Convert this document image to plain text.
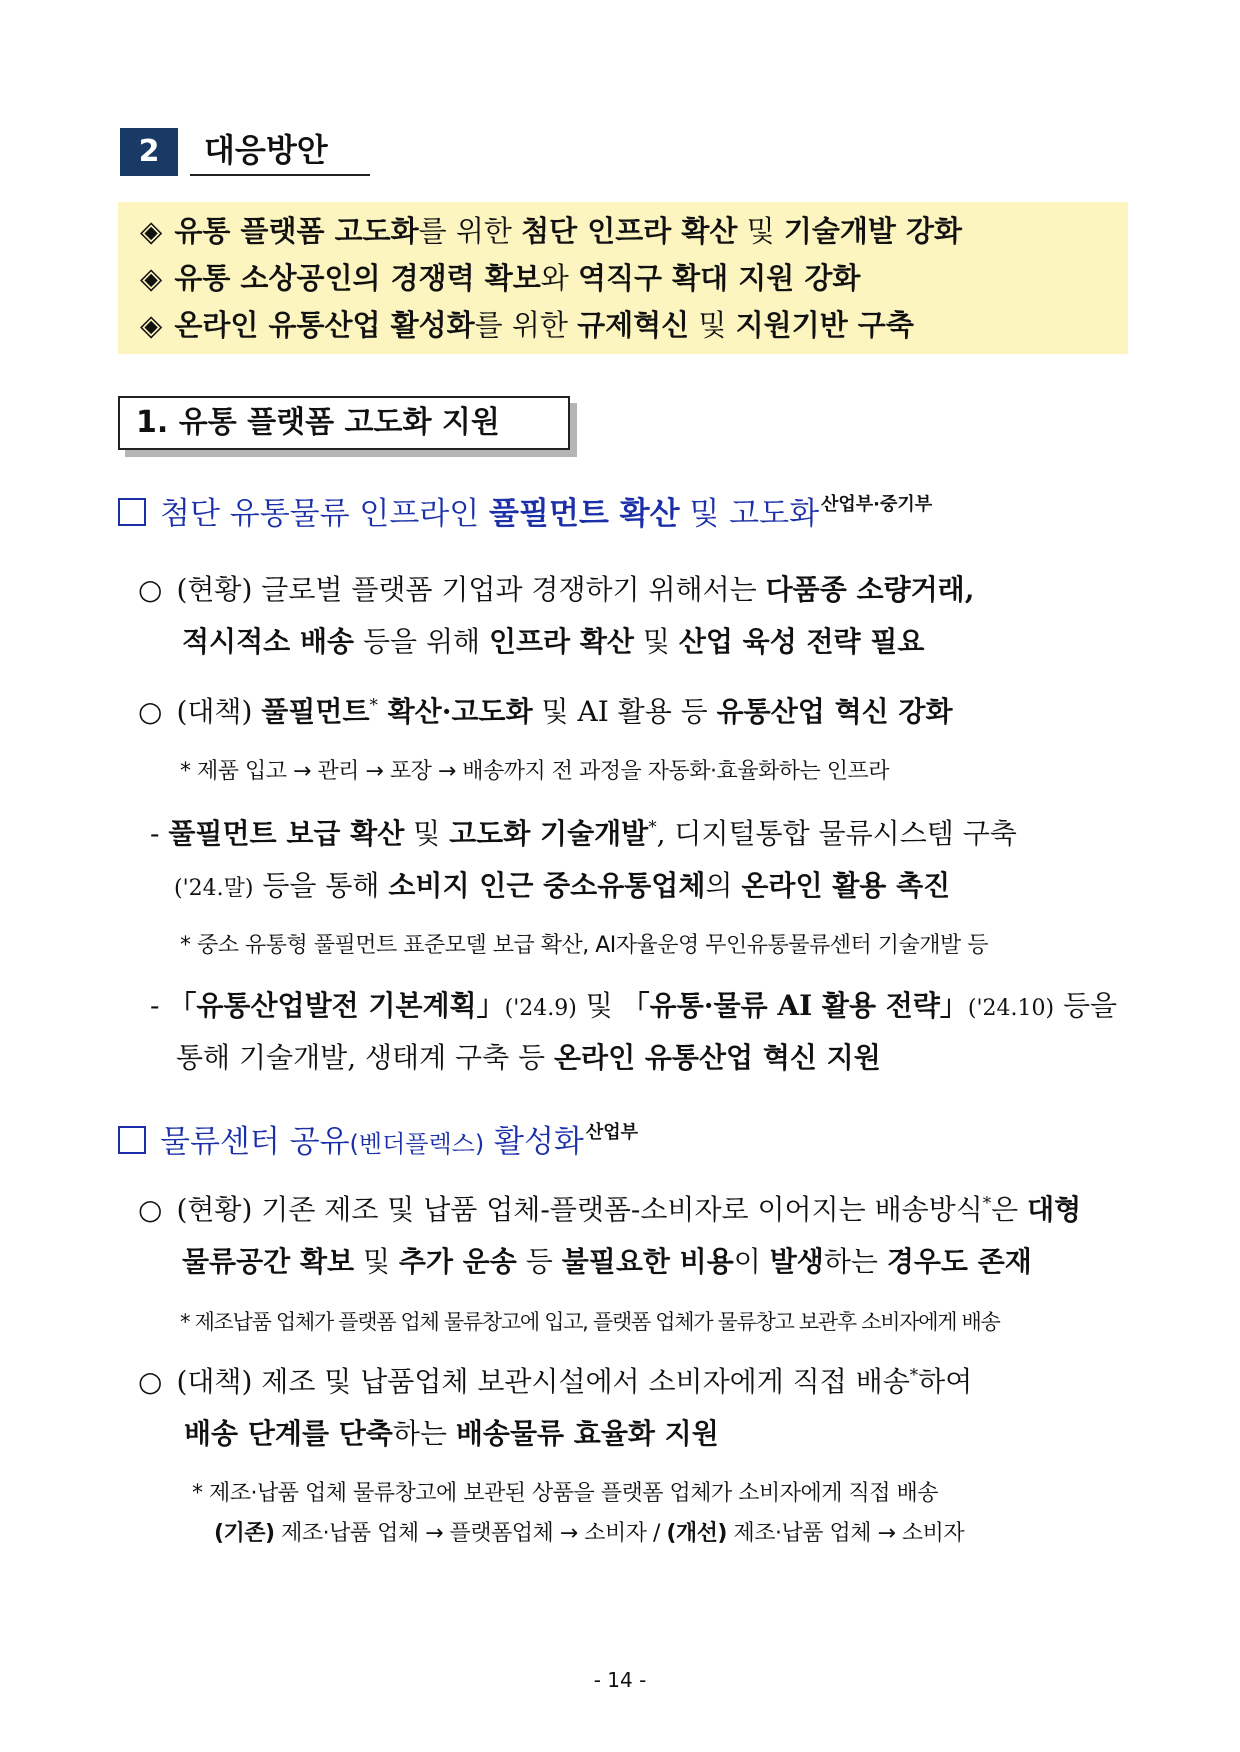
2	대응방안
◈ 유통 플랫폼 고도화를 위한 첨단 인프라 확산 및 기술개발 강화
◈ 유통 소상공인의 경쟁력 확보와 역직구 확대 지원 강화
◈ 온라인 유통산업 활성화를 위한 규제혁신 및 지원기반 구축
1. 유통 플랫폼 고도화 지원
첨단 유통물류 인프라인 풀필먼트 확산 및 고도화 $^{산업부\cdot 중기부}$
○ (현황) 글로벌 플랫폼 기업과 경쟁하기 위해서는 다품종 소량거래,
적시적소 배송 등을 위해 인프라 확산 및 산업 육성 전략 필요
○ (대책) 풀필먼트* 확산·고도화 및 AI 활용 등 유통산업 혁신 강화
* 제품 입고 → 관리 → 포장 → 배송까지 전 과정을 자동화·효율화하는 인프라
- 풀필먼트 보급 확산 및 고도화 기술개발*, 디지털통합 물류시스템 구축
('24.말) 등을 통해 소비지 인근 중소유통업체의 온라인 활용 촉진
* 중소 유통형 풀필먼트 표준모델 보급 확산, AI자율운영 무인유통물류센터 기술개발 등
- 「유통산업발전 기본계획」('24.9) 및 「유통·물류 AI 활용 전략」('24.10) 등을
통해 기술개발, 생태계 구축 등 온라인 유통산업 혁신 지원
물류센터 공유(벤더플렉스) 활성화 $^{산업부}$
○ (현황) 기존 제조 및 납품 업체-플랫폼-소비자로 이어지는 배송방식*은 대형
물류공간 확보 및 추가 운송 등 불필요한 비용이 발생하는 경우도 존재
* 제조납품 업체가 플랫폼 업체 물류창고에 입고, 플랫폼 업체가 물류창고 보관후 소비자에게 배송
○ (대책) 제조 및 납품업체 보관시설에서 소비자에게 직접 배송*하여
배송 단계를 단축하는 배송물류 효율화 지원
* 제조·납품 업체 물류창고에 보관된 상품을 플랫폼 업체가 소비자에게 직접 배송
(기존) 제조·납품 업체 → 플랫폼업체 → 소비자 / (개선) 제조·납품 업체 → 소비자
- 14 -
